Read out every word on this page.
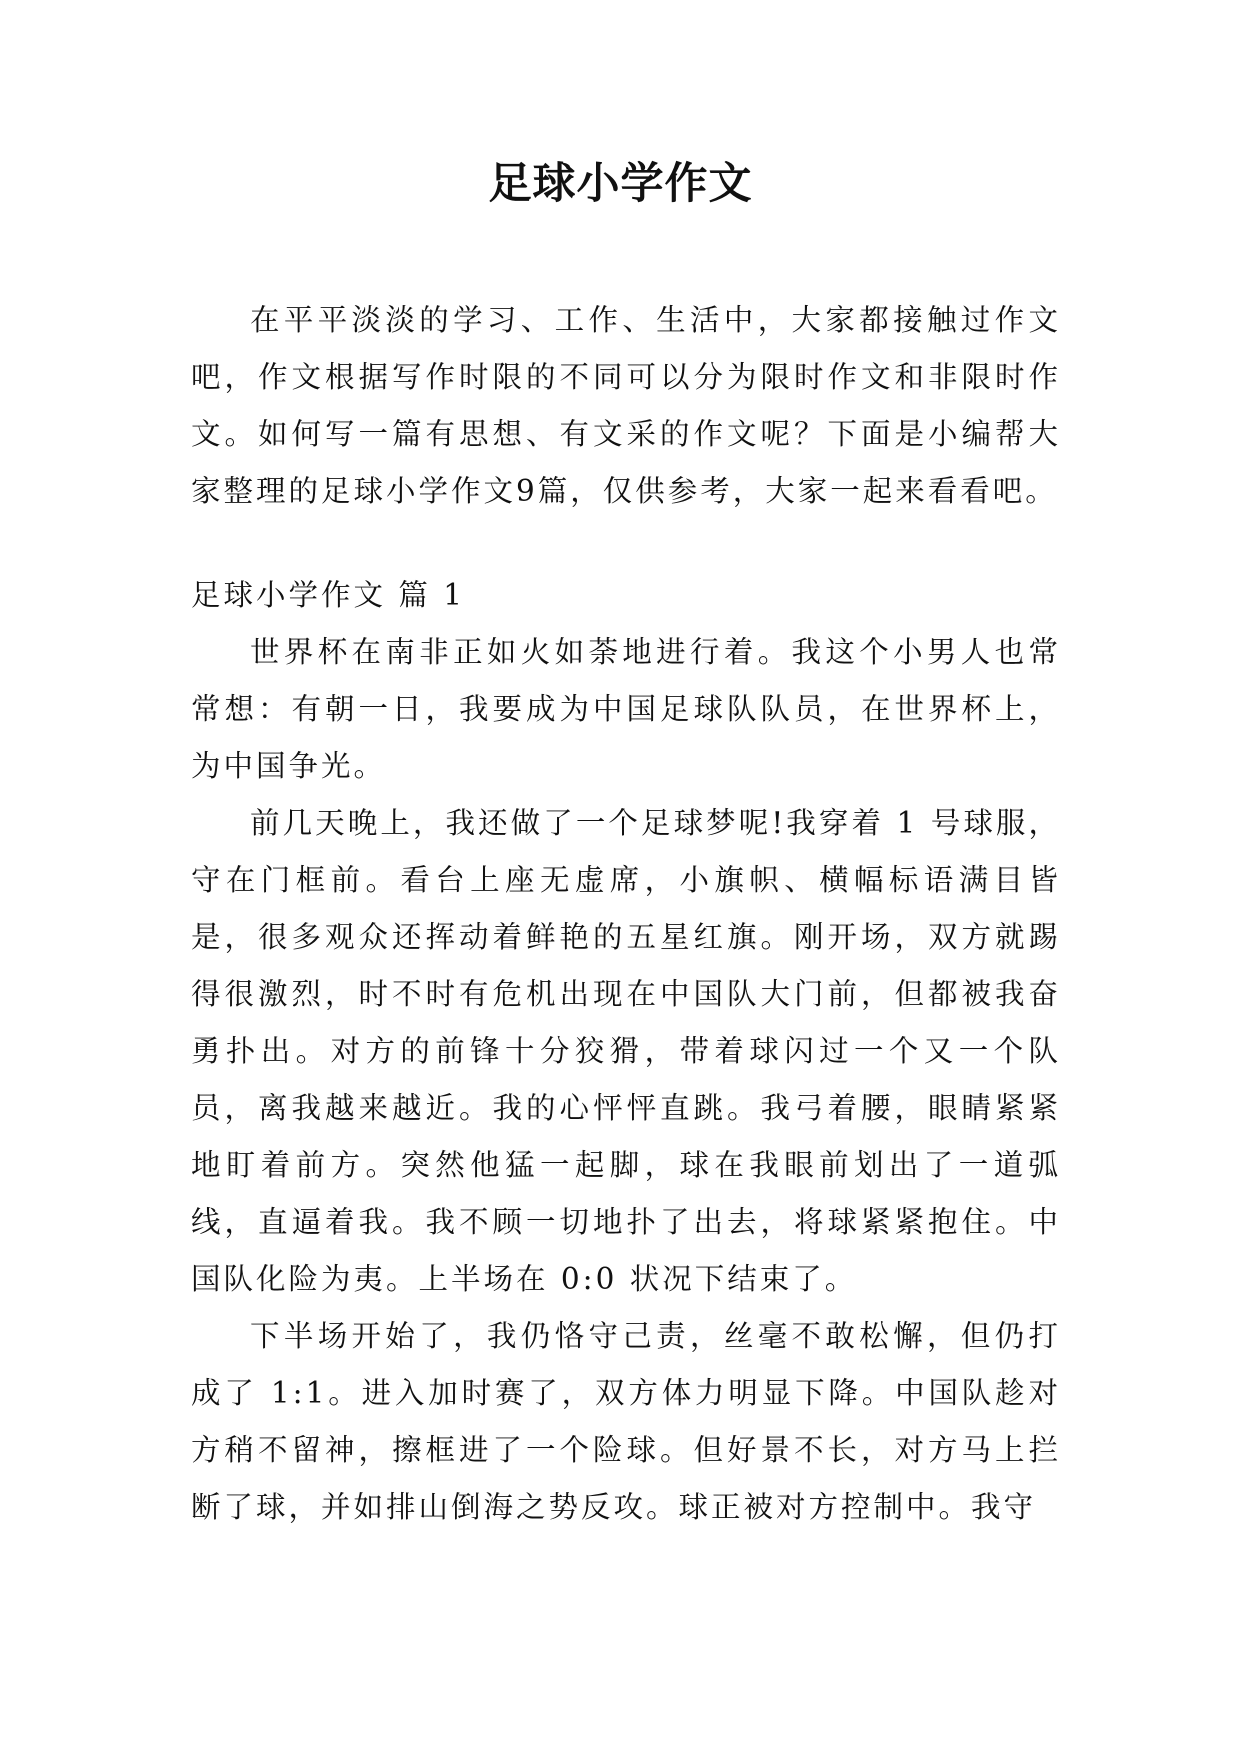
足球小学作文

在平平淡淡的学习、工作、生活中，大家都接触过作文吧，作文根据写作时限的不同可以分为限时作文和非限时作文。如何写一篇有思想、有文采的作文呢？下面是小编帮大家整理的足球小学作文9篇，仅供参考，大家一起来看看吧。

足球小学作文 篇 1

世界杯在南非正如火如荼地进行着。我这个小男人也常常想：有朝一日，我要成为中国足球队队员，在世界杯上，为中国争光。

前几天晚上，我还做了一个足球梦呢!我穿着 1 号球服，守在门框前。看台上座无虚席，小旗帜、横幅标语满目皆是，很多观众还挥动着鲜艳的五星红旗。刚开场，双方就踢得很激烈，时不时有危机出现在中国队大门前，但都被我奋勇扑出。对方的前锋十分狡猾，带着球闪过一个又一个队员，离我越来越近。我的心怦怦直跳。我弓着腰，眼睛紧紧地盯着前方。突然他猛一起脚，球在我眼前划出了一道弧线，直逼着我。我不顾一切地扑了出去，将球紧紧抱住。中国队化险为夷。上半场在 0:0 状况下结束了。

下半场开始了，我仍恪守己责，丝毫不敢松懈，但仍打成了 1:1。进入加时赛了，双方体力明显下降。中国队趁对方稍不留神，擦框进了一个险球。但好景不长，对方马上拦断了球，并如排山倒海之势反攻。球正被对方控制中。我守
